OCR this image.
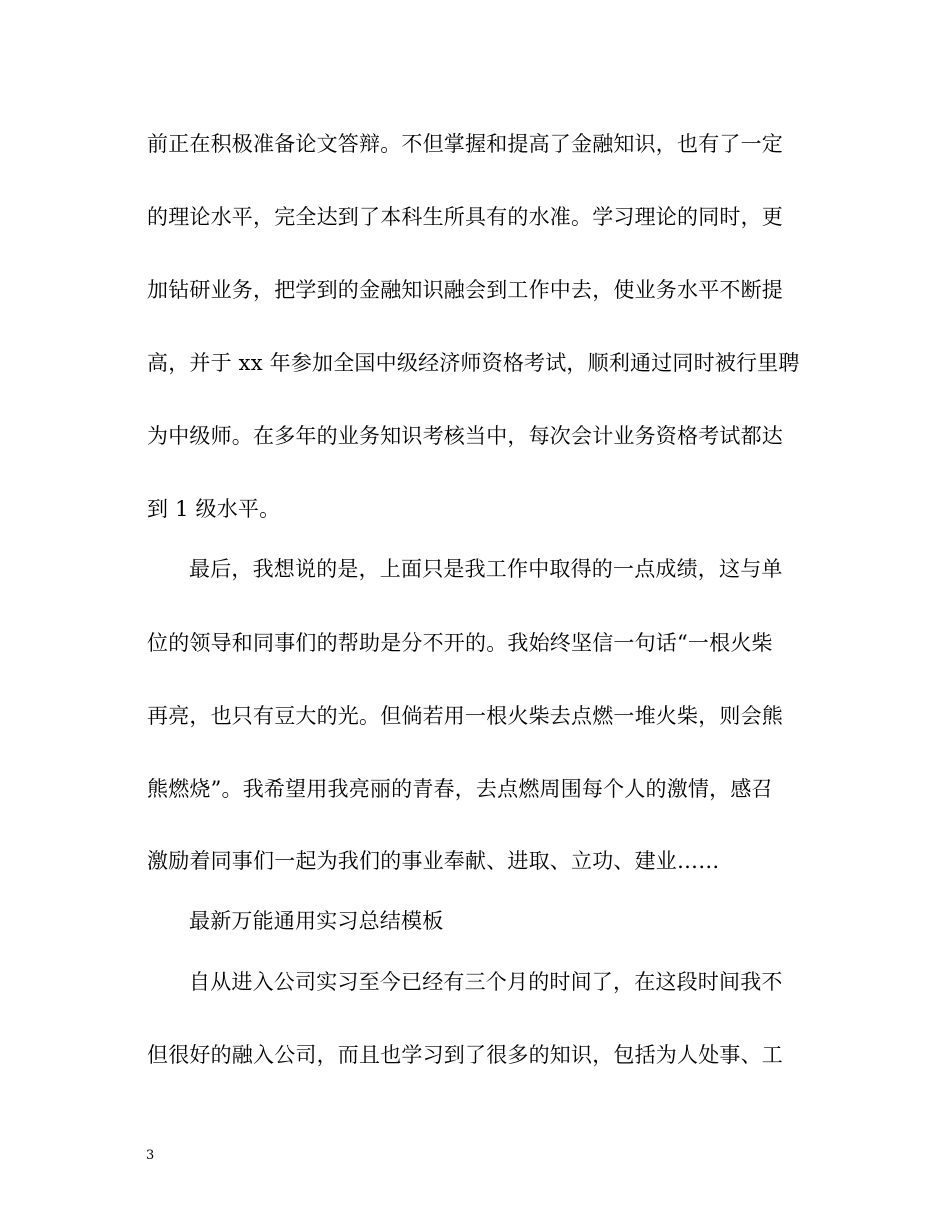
前正在积极准备论文答辩。不但掌握和提高了金融知识，也有了一定
的理论水平，完全达到了本科生所具有的水准。学习理论的同时，更
加钻研业务，把学到的金融知识融会到工作中去，使业务水平不断提
高，并于 xx 年参加全国中级经济师资格考试，顺利通过同时被行里聘
为中级师。在多年的业务知识考核当中，每次会计业务资格考试都达
到 1 级水平。
最后，我想说的是，上面只是我工作中取得的一点成绩，这与单
位的领导和同事们的帮助是分不开的。我始终坚信一句话“一根火柴
再亮，也只有豆大的光。但倘若用一根火柴去点燃一堆火柴，则会熊
熊燃烧”。我希望用我亮丽的青春，去点燃周围每个人的激情，感召
激励着同事们一起为我们的事业奉献、进取、立功、建业……
最新万能通用实习总结模板
自从进入公司实习至今已经有三个月的时间了，在这段时间我不
但很好的融入公司，而且也学习到了很多的知识，包括为人处事、工
3
